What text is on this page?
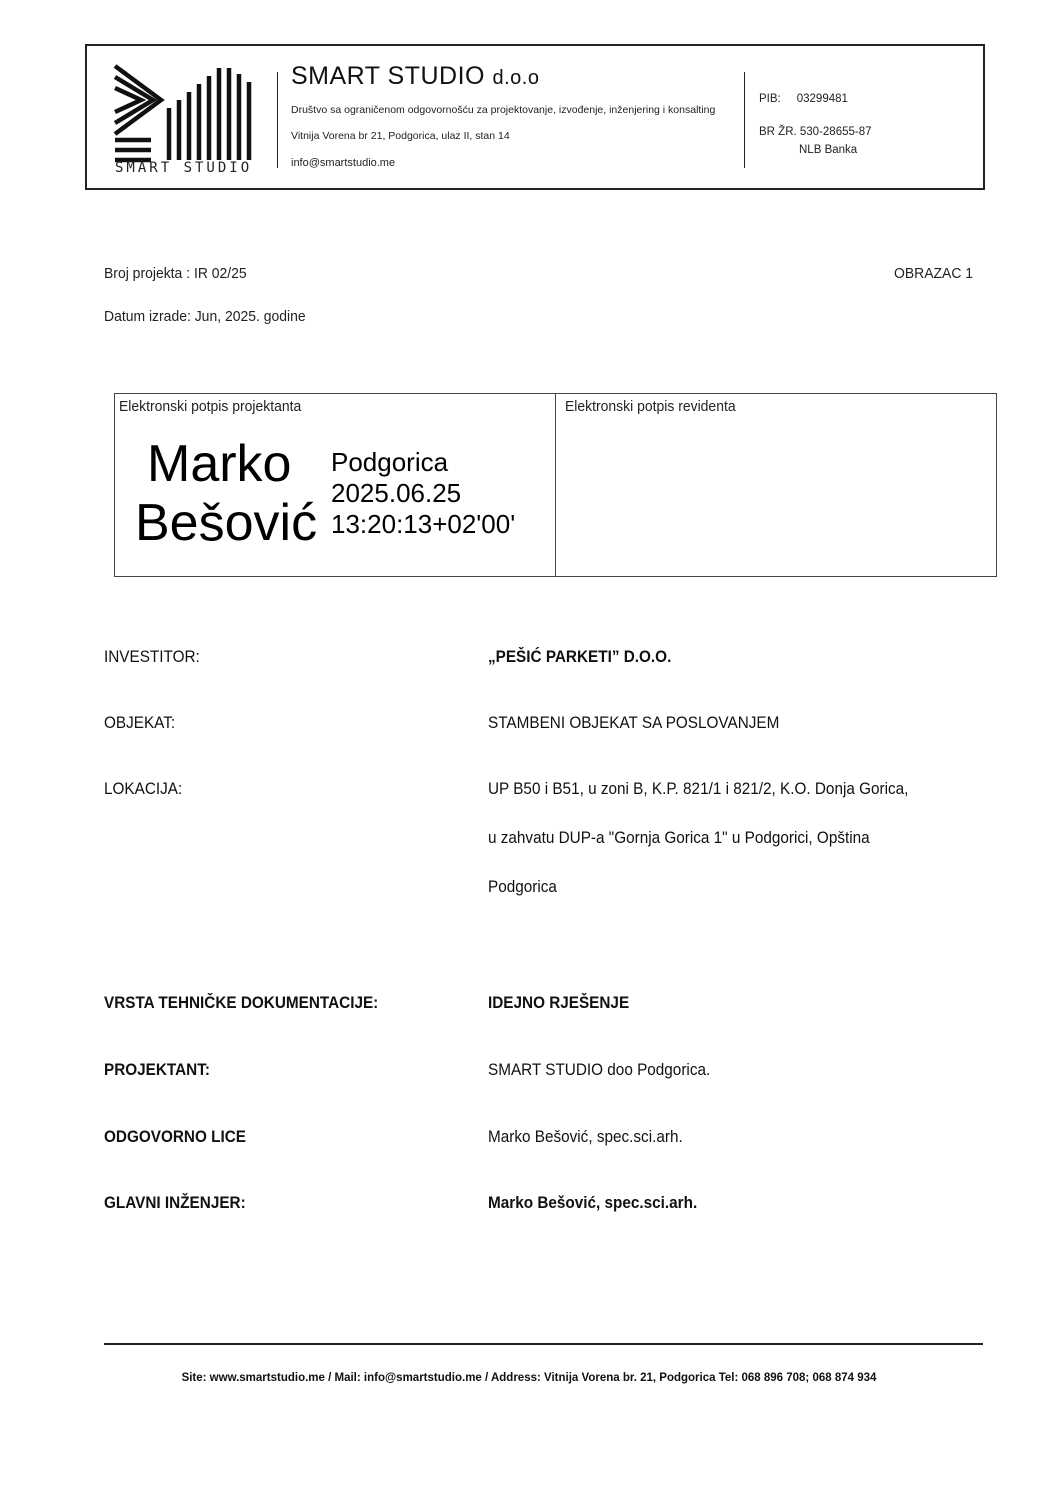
SMART STUDIO
SMART STUDIO d.o.o
Društvo sa ograničenom odgovornošću za projektovanje, izvođenje, inženjering i konsalting
Vitnija Vorena br 21, Podgorica, ulaz II, stan 14
info@smartstudio.me
PIB: 03299481
BR ŽR. 530-28655-87
NLB Banka
Broj projekta : IR 02/25	OBRAZAC 1
Datum izrade: Jun, 2025. godine
Elektronski potpis projektanta	Elektronski potpis revidenta
Marko
Bešović
Podgorica
2025.06.25
13:20:13+02'00'
INVESTITOR:	„PEŠIĆ PARKETI” D.O.O.
OBJEKAT:	STAMBENI OBJEKAT SA POSLOVANJEM
LOKACIJA:	UP B50 i B51, u zoni B, K.P. 821/1 i 821/2, K.O. Donja Gorica,
u zahvatu DUP-a "Gornja Gorica 1" u Podgorici, Opština
Podgorica
VRSTA TEHNIČKE DOKUMENTACIJE:	IDEJNO RJEŠENJE
PROJEKTANT:	SMART STUDIO doo Podgorica.
ODGOVORNO LICE	Marko Bešović, spec.sci.arh.
GLAVNI INŽENJER:	Marko Bešović, spec.sci.arh.
Site: www.smartstudio.me / Mail: info@smartstudio.me / Address: Vitnija Vorena br. 21, Podgorica Tel: 068 896 708; 068 874 934
